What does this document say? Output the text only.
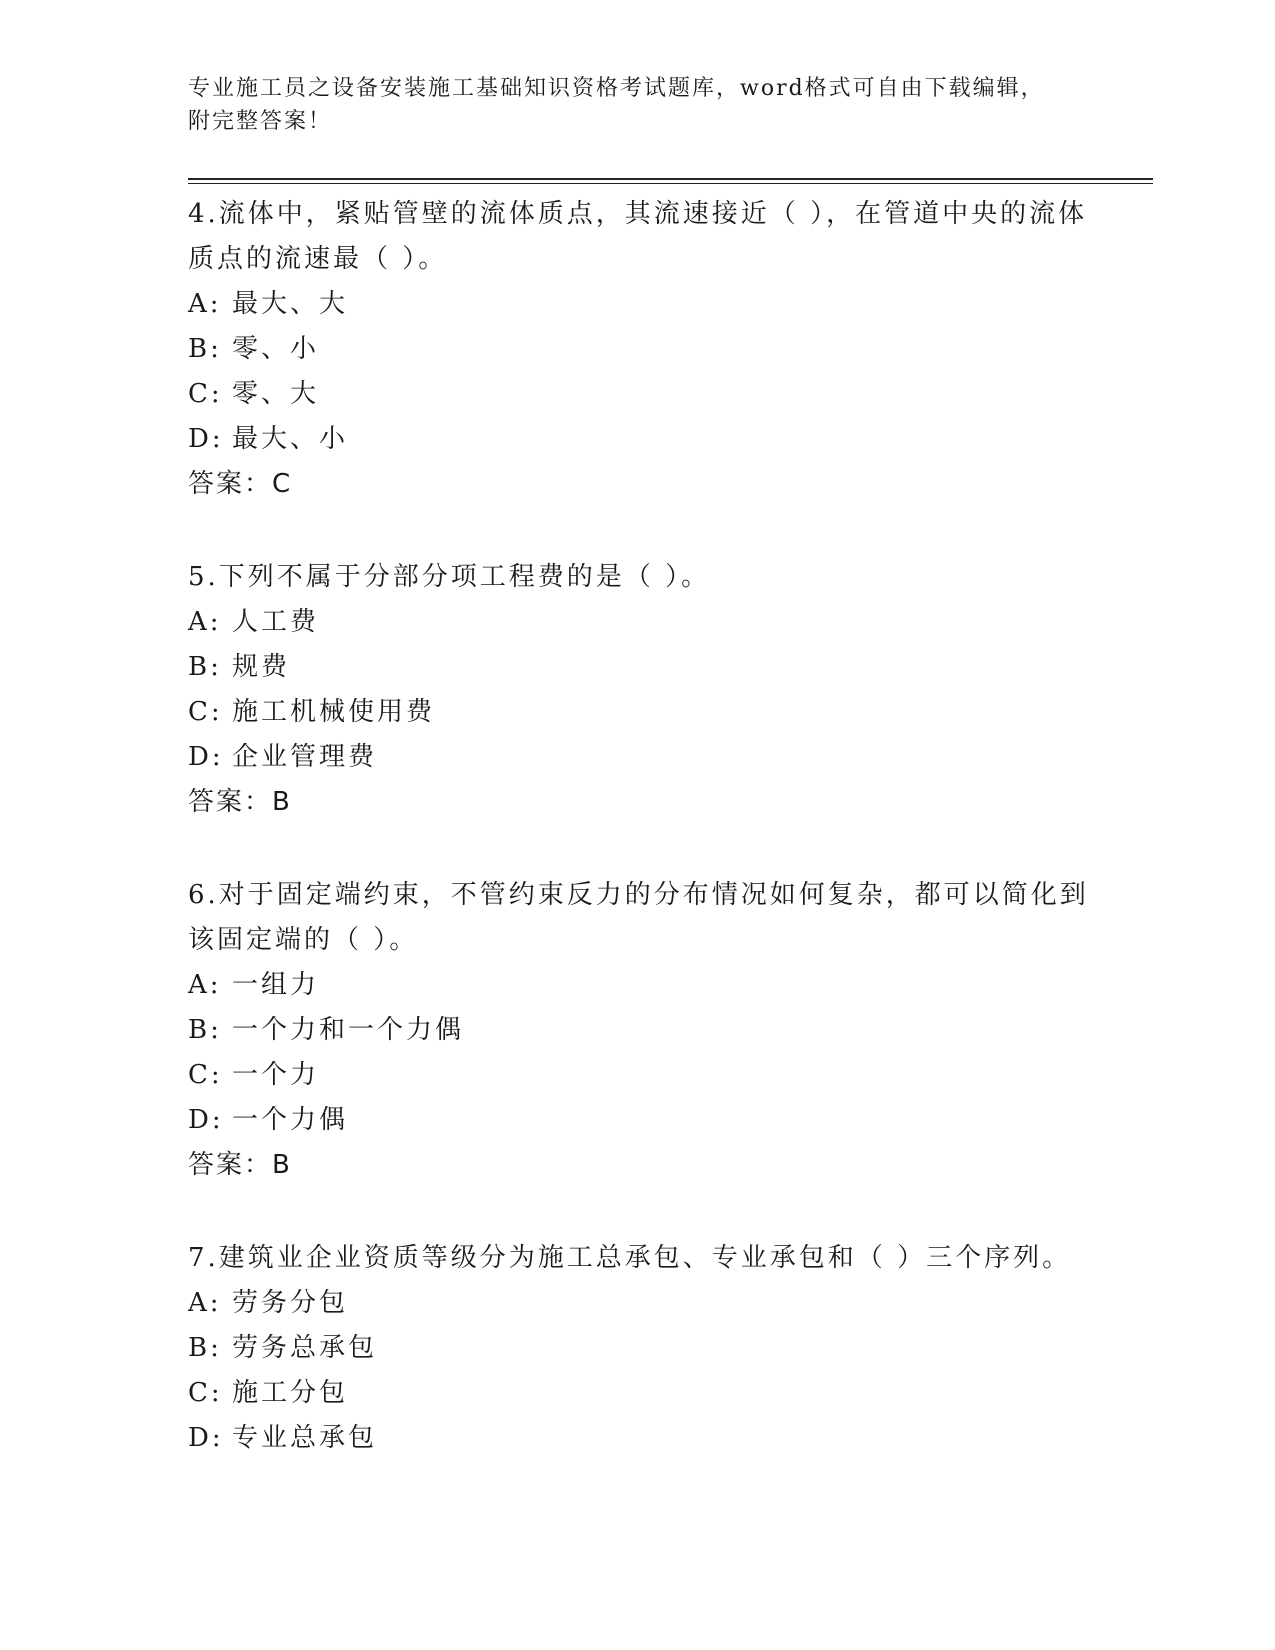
专业施工员之设备安装施工基础知识资格考试题库，word格式可自由下载编辑，
附完整答案！

4.流体中，紧贴管壁的流体质点，其流速接近（ ），在管道中央的流体质点的流速最（ ）。

A: 最大、大
B: 零、小
C: 零、大
D: 最大、小
答案：C

5.下列不属于分部分项工程费的是（ ）。

A: 人工费
B: 规费
C: 施工机械使用费
D: 企业管理费
答案：B

6.对于固定端约束，不管约束反力的分布情况如何复杂，都可以简化到该固定端的（ ）。

A: 一组力
B: 一个力和一个力偶
C: 一个力
D: 一个力偶
答案：B

7.建筑业企业资质等级分为施工总承包、专业承包和（ ）三个序列。

A: 劳务分包
B: 劳务总承包
C: 施工分包
D: 专业总承包
